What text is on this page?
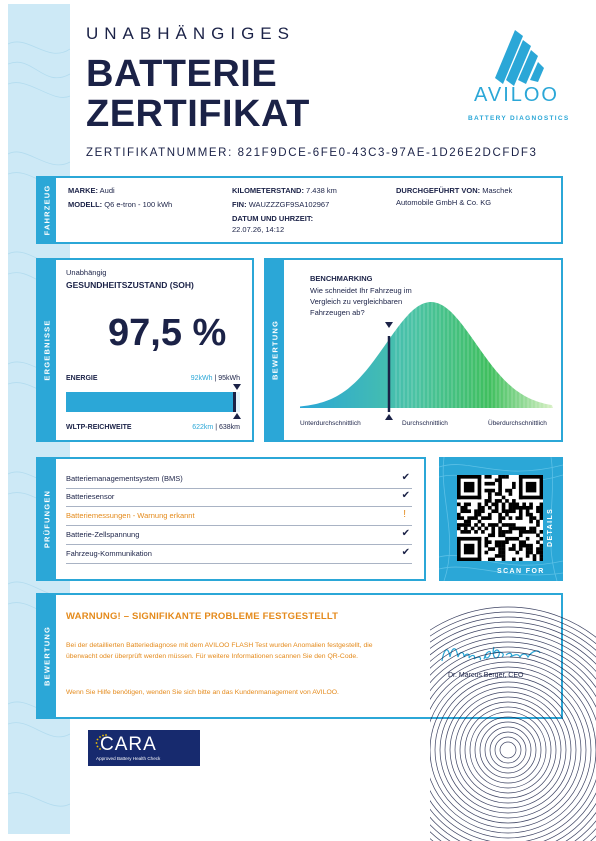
UNABHÄNGIGES
BATTERIE
ZERTIFIKAT
ZERTIFIKATNUMMER: 821F9DCE-6FE0-43C3-97AE-1D26E2DCFDF3
AVILOO
BATTERY DIAGNOSTICS
FAHRZEUG MARKE: Audi
MODELL: Q6 e-tron - 100 kWh
KILOMETERSTAND: 7.438 km
FIN: WAUZZZGF9SA102967
DATUM UND UHRZEIT:
22.07.26, 14:12
DURCHGEFÜHRT VON: Maschek
Automobile GmbH & Co. KG
ERGEBNISSE
Unabhängig
GESUNDHEITSZUSTAND (SOH)
97,5 %
ENERGIE	92kWh | 95kWh
WLTP-REICHWEITE	622km | 638km
BEWERTUNG
BENCHMARKING
Wie schneidet Ihr Fahrzeug im Vergleich zu vergleichbaren Fahrzeugen ab?
Unterdurchschnittlich	Durchschnittlich	Überdurchschnittlich
PRÜFUNGEN
Batteriemanagementsystem (BMS)	✔
Batteriesensor	✔
Batteriemessungen - Warnung erkannt	!
Batterie-Zellspannung	✔
Fahrzeug-Kommunikation	✔
SCAN FOR
DETAILS
BEWERTUNG
WARNUNG! – SIGNIFIKANTE PROBLEME FESTGESTELLT
Bei der detaillierten Batteriediagnose mit dem AVILOO FLASH Test wurden Anomalien festgestellt, die überwacht oder überprüft werden müssen. Für weitere Informationen scannen Sie den QR-Code.
Wenn Sie Hilfe benötigen, wenden Sie sich bitte an das Kundenmanagement von AVILOO.
Dr. Marcus Berger, CEO
CARA
Approved Battery Health Check
